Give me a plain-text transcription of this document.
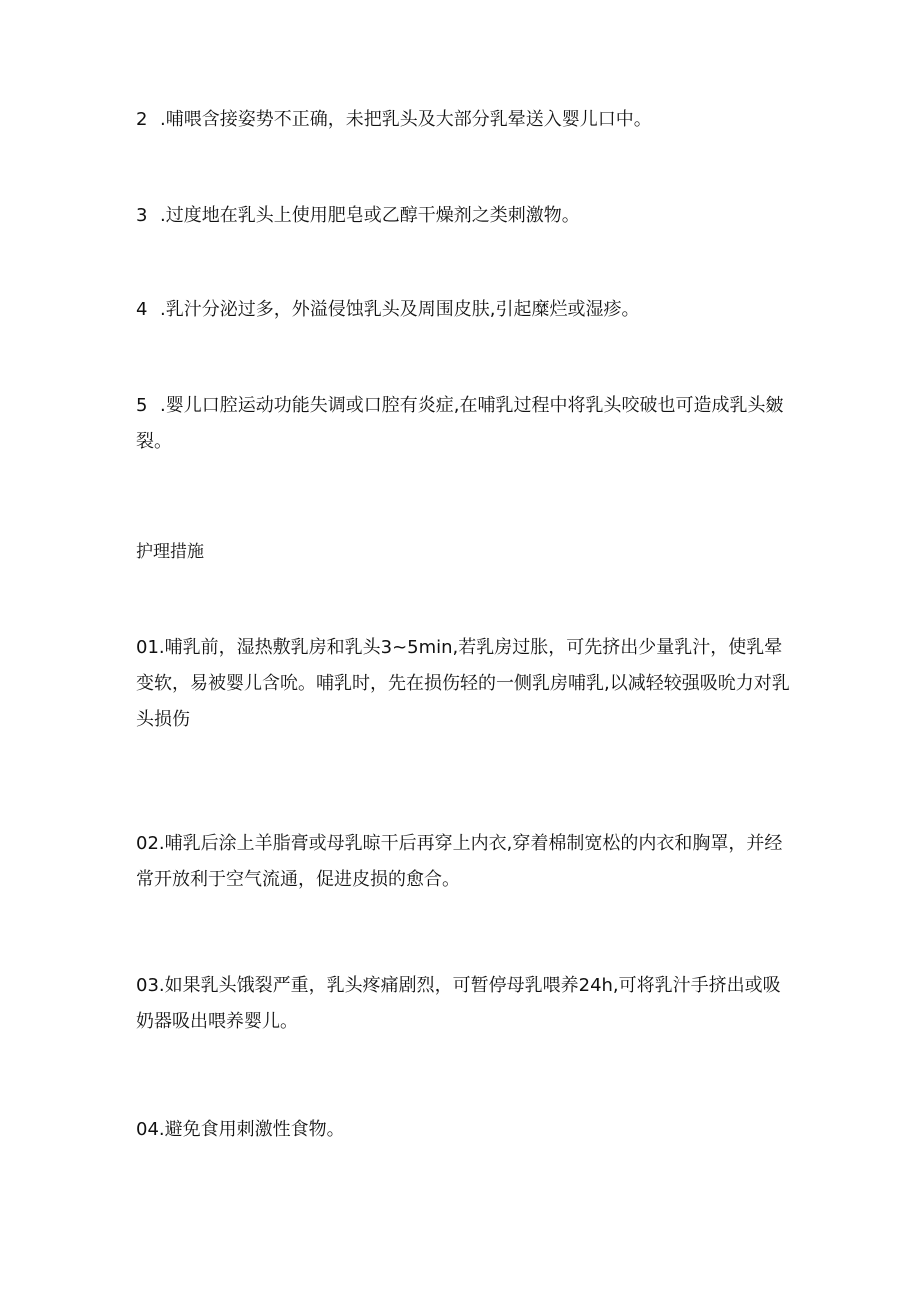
2 .哺喂含接姿势不正确，未把乳头及大部分乳晕送入婴儿口中。

3 .过度地在乳头上使用肥皂或乙醇干燥剂之类刺激物。

4 .乳汁分泌过多，外溢侵蚀乳头及周围皮肤,引起糜烂或湿疹。

5 .婴儿口腔运动功能失调或口腔有炎症,在哺乳过程中将乳头咬破也可造成乳头皴裂。

护理措施

01.哺乳前，湿热敷乳房和乳头3~5min,若乳房过胀，可先挤出少量乳汁，使乳晕变软，易被婴儿含吮。哺乳时，先在损伤轻的一侧乳房哺乳,以减轻较强吸吮力对乳头损伤

02.哺乳后涂上羊脂膏或母乳晾干后再穿上内衣,穿着棉制宽松的内衣和胸罩，并经常开放利于空气流通，促进皮损的愈合。

03.如果乳头饿裂严重，乳头疼痛剧烈，可暂停母乳喂养24h,可将乳汁手挤出或吸奶器吸出喂养婴儿。

04.避免食用刺激性食物。
